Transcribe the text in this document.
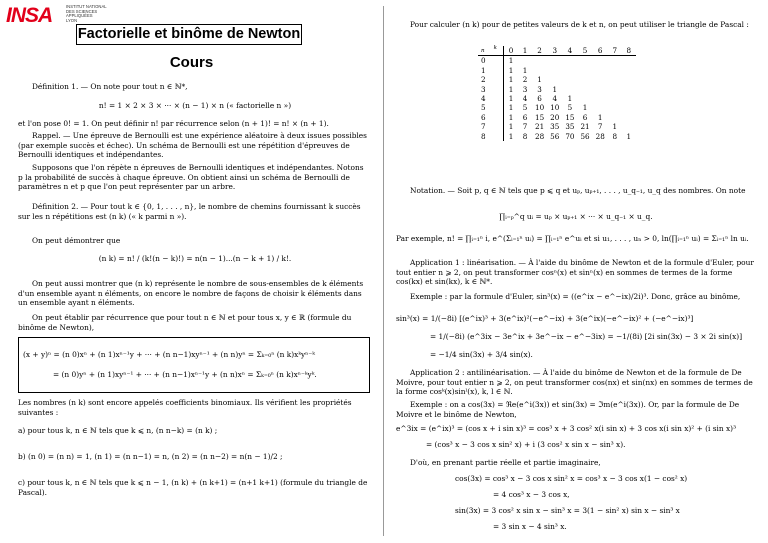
INSA	INSTITUT NATIONAL
DES SCIENCES
APPLIQUÉES
LYON
Factorielle et binôme de Newton
Cours
Définition 1. — On note pour tout n ∈ ℕ*,
n! = 1 × 2 × 3 × ··· × (n − 1) × n (« factorielle n »)
et l'on pose 0! = 1. On peut définir n! par récurrence selon (n + 1)! = n! × (n + 1).
Rappel. — Une épreuve de Bernoulli est une expérience aléatoire à deux issues possibles (par exemple succès et échec). Un schéma de Bernoulli est une répétition d'épreuves de Bernoulli identiques et indépendantes.
Supposons que l'on répète n épreuves de Bernoulli identiques et indépendantes. Notons p la probabilité de succès à chaque épreuve. On obtient ainsi un schéma de Bernoulli de paramètres n et p que l'on peut représenter par un arbre.
Définition 2. — Pour tout k ∈ {0, 1, . . . , n}, le nombre de chemins fournissant k succès sur les n répétitions est (n k) (« k parmi n »).
On peut démontrer que
(n k) = n! / (k!(n − k)!) = n(n − 1)...(n − k + 1) / k!.
On peut aussi montrer que (n k) représente le nombre de sous-ensembles de k éléments d'un ensemble ayant n éléments, on encore le nombre de façons de choisir k éléments dans un ensemble ayant n éléments.
On peut établir par récurrence que pour tout n ∈ ℕ et pour tous x, y ∈ ℝ (formule du binôme de Newton),
(x + y)ⁿ = (n 0)xⁿ + (n 1)xⁿ⁻¹y + ··· + (n n−1)xyⁿ⁻¹ + (n n)yⁿ = Σₖ₌₀ⁿ (n k)xᵏyⁿ⁻ᵏ
= (n 0)yⁿ + (n 1)xyⁿ⁻¹ + ··· + (n n−1)xⁿ⁻¹y + (n n)xⁿ = Σₖ₌₀ⁿ (n k)xⁿ⁻ᵏyᵏ.
Les nombres (n k) sont encore appelés coefficients binomiaux. Ils vérifient les propriétés suivantes :
a) pour tous k, n ∈ ℕ tels que k ⩽ n, (n n−k) = (n k) ;
b) (n 0) = (n n) = 1, (n 1) = (n n−1) = n, (n 2) = (n n−2) = n(n − 1)/2 ;
c) pour tous k, n ∈ ℕ tels que k ⩽ n − 1, (n k) + (n k+1) = (n+1 k+1) (formule du triangle de Pascal).
Pour calculer (n k) pour de petites valeurs de k et n, on peut utiliser le triangle de Pascal :
n k	0	1	2	3	4	5	6	7	8
0	1								
1	1	1							
2	1	2	1						
3	1	3	3	1					
4	1	4	6	4	1				
5	1	5	10	10	5	1			
6	1	6	15	20	15	6	1		
7	1	7	21	35	35	21	7	1	
8	1	8	28	56	70	56	28	8	1
Notation. — Soit p, q ∈ ℕ tels que p ⩽ q et uₚ, uₚ₊₁, . . . , u_q₋₁, u_q des nombres. On note
∏ᵢ₌ₚ^q uᵢ = uₚ × uₚ₊₁ × ··· × u_q₋₁ × u_q.
Par exemple, n! = ∏ᵢ₌₁ⁿ i, e^(Σᵢ₌₁ⁿ uᵢ) = ∏ᵢ₌₁ⁿ e^uᵢ et si u₁, . . . , uₙ > 0, ln(∏ᵢ₌₁ⁿ uᵢ) = Σᵢ₌₁ⁿ ln uᵢ.
Application 1 : linéarisation. — À l'aide du binôme de Newton et de la formule d'Euler, pour tout entier n ⩾ 2, on peut transformer cosⁿ(x) et sinⁿ(x) en sommes de termes de la forme cos(kx) et sin(kx), k ∈ ℕ*.
Exemple : par la formule d'Euler, sin³(x) = ((e^ix − e^−ix)/2i)³. Donc, grâce au binôme,
sin³(x) = 1/(−8i) [(e^ix)³ + 3(e^ix)²(−e^−ix) + 3(e^ix)(−e^−ix)² + (−e^−ix)³]
= 1/(−8i) (e^3ix − 3e^ix + 3e^−ix − e^−3ix) = −1/(8i) [2i sin(3x) − 3 × 2i sin(x)]
= −1/4 sin(3x) + 3/4 sin(x).
Application 2 : antilinéarisation. — À l'aide du binôme de Newton et de la formule de De Moivre, pour tout entier n ⩾ 2, on peut transformer cos(nx) et sin(nx) en sommes de termes de la forme cosᵏ(x)sinˡ(x), k, l ∈ ℕ.
Exemple : on a cos(3x) = ℜe(e^i(3x)) et sin(3x) = ℑm(e^i(3x)). Or, par la formule de De Moivre et le binôme de Newton,
e^3ix = (e^ix)³ = (cos x + i sin x)³ = cos³ x + 3 cos² x(i sin x) + 3 cos x(i sin x)² + (i sin x)³
= (cos³ x − 3 cos x sin² x) + i (3 cos² x sin x − sin³ x).
D'où, en prenant partie réelle et partie imaginaire,
cos(3x) = cos³ x − 3 cos x sin² x = cos³ x − 3 cos x(1 − cos² x)
= 4 cos³ x − 3 cos x,
sin(3x) = 3 cos² x sin x − sin³ x = 3(1 − sin² x) sin x − sin³ x
= 3 sin x − 4 sin³ x.
